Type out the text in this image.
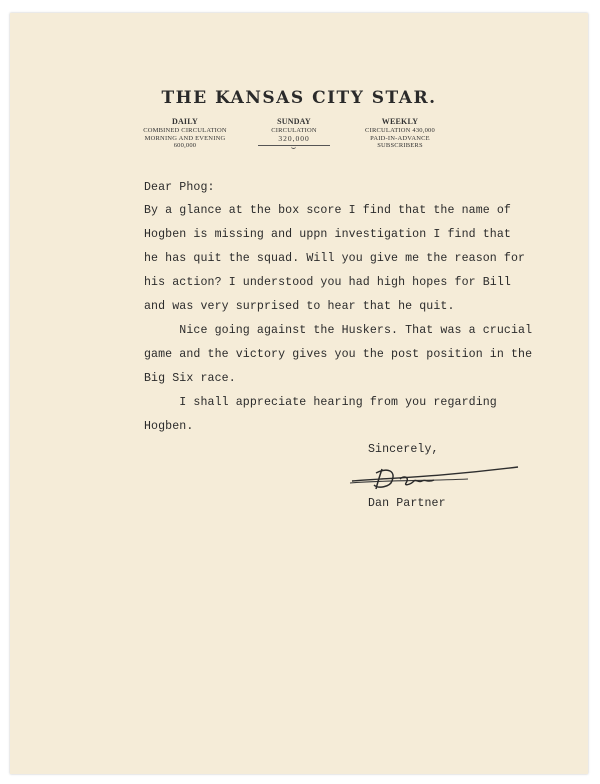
THE KANSAS CITY STAR.
DAILY
COMBINED CIRCULATION
MORNING AND EVENING
600,000
SUNDAY
CIRCULATION
320,000
WEEKLY
CIRCULATION 430,000
PAID-IN-ADVANCE
SUBSCRIBERS
Dear Phog:
By a glance at the box score I find that the name of
Hogben is missing and uppn investigation I find that
he has quit the squad. Will you give me the reason for
his action? I understood you had high hopes for Bill
and was very surprised to hear that he quit.
Nice going against the Huskers. That was a crucial
game and the victory gives you the post position in the
Big Six race.
I shall appreciate hearing from you regarding
Hogben.
Sincerely,
Dan Partner
